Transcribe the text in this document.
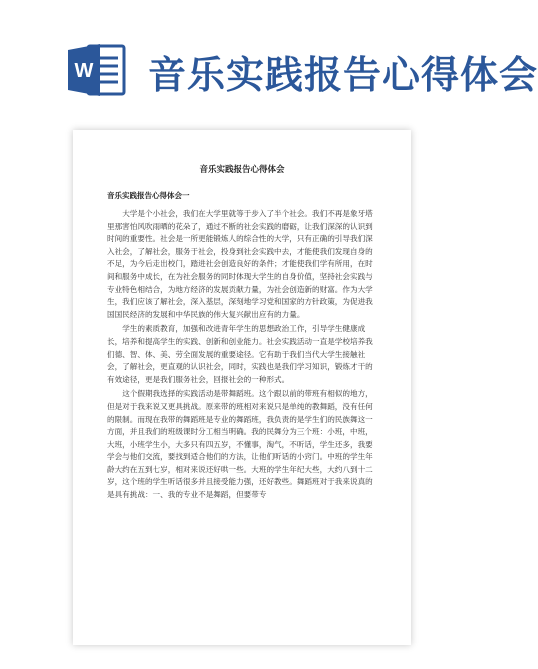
W 音乐实践报告心得体会
音乐实践报告心得体会
音乐实践报告心得体会一

大学是个小社会，我们在大学里就等于步入了半个社会。我们不再是象牙塔里那害怕风吹雨晒的花朵了，通过不断的社会实践的磨砺，让我们深深的认识到时间的重要性。社会是一所更能锻炼人的综合性的大学，只有正确的引导我们深入社会，了解社会，服务于社会，投身到社会实践中去，才能使我们发现自身的不足，为今后走出校门，踏进社会创造良好的条件；才能使我们学有所用，在时间和服务中成长，在为社会服务的同时体现大学生的自身价值，坚持社会实践与专业特色相结合，为地方经济的发展贡献力量，为社会创造新的财富。作为大学生，我们应该了解社会，深入基层，深刻地学习党和国家的方针政策，为促进我国国民经济的发展和中华民族的伟大复兴献出应有的力量。

学生的素质教育，加强和改进青年学生的思想政治工作，引导学生健康成长，培养和提高学生的实践、创新和创业能力。社会实践活动一直是学校培养我们德、智、体、美、劳全面发展的重要途径。它有助于我们当代大学生接触社会，了解社会，更直观的认识社会，同时，实践也是我们学习知识，锻炼才干的有效途径，更是我们服务社会，回报社会的一种形式。

这个假期我选择的实践活动是带舞蹈班。这个跟以前的带班有相似的地方，但是对于我来说又更具挑战。原来带的班相对来说只是单纯的教舞蹈，没有任何的限制。而现在我带的舞蹈班是专业的舞蹈班，我负责的是学生们的民族舞这一方面，并且我们的班级课时分工相当明确。我的民舞分为三个班：小班，中班，大班，小班学生小，大多只有四五岁，不懂事，淘气，不听话，学生还多，我要学会与他们交流，要找到适合他们的方法，让他们听话的小窍门。中班的学生年龄大约在五到七岁，相对来说还好哄一些。大班的学生年纪大些，大约八到十二岁，这个班的学生听话很多并且接受能力强，还好教些。舞蹈班对于我来说真的是具有挑战：一、我的专业不是舞蹈，但要带专
